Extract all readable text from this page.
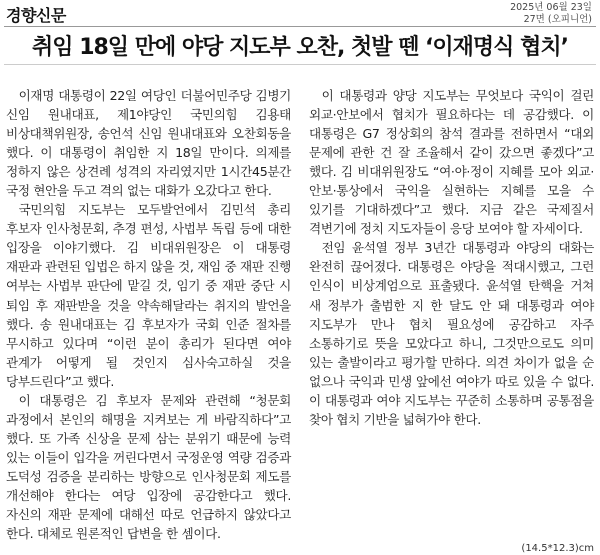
경향신문	2025년 06월 23일
27면 (오피니언)
취임 18일 만에 야당 지도부 오찬, 첫발 뗀 ‘이재명식 협치’

이재명 대통령이 22일 여당인 더불어민주당 김병기 신임 원내대표, 제1야당인 국민의힘 김용태 비상대책위원장, 송언석 신임 원내대표와 오찬회동을 했다. 이 대통령이 취임한 지 18일 만이다. 의제를 정하지 않은 상견례 성격의 자리였지만 1시간45분간 국정 현안을 두고 격의 없는 대화가 오갔다고 한다.

국민의힘 지도부는 모두발언에서 김민석 총리 후보자 인사청문회, 추경 편성, 사법부 독립 등에 대한 입장을 이야기했다. 김 비대위원장은 이 대통령 재판과 관련된 입법은 하지 않을 것, 재임 중 재판 진행 여부는 사법부 판단에 맡길 것, 임기 중 재판 중단 시 퇴임 후 재판받을 것을 약속해달라는 취지의 발언을 했다. 송 원내대표는 김 후보자가 국회 인준 절차를 무시하고 있다며 “이런 분이 총리가 된다면 여야 관계가 어떻게 될 것인지 심사숙고하실 것을 당부드린다”고 했다.

이 대통령은 김 후보자 문제와 관련해 “청문회 과정에서 본인의 해명을 지켜보는 게 바람직하다”고 했다. 또 가족 신상을 문제 삼는 분위기 때문에 능력 있는 이들이 입각을 꺼린다면서 국정운영 역량 검증과 도덕성 검증을 분리하는 방향으로 인사청문회 제도를 개선해야 한다는 여당 입장에 공감한다고 했다. 자신의 재판 문제에 대해선 따로 언급하지 않았다고 한다. 대체로 원론적인 답변을 한 셈이다.

이 대통령과 양당 지도부는 무엇보다 국익이 걸린 외교·안보에서 협치가 필요하다는 데 공감했다. 이 대통령은 G7 정상회의 참석 결과를 전하면서 “대외 문제에 관한 건 잘 조율해서 같이 갔으면 좋겠다”고 했다. 김 비대위원장도 “여·야·정이 지혜를 모아 외교·안보·통상에서 국익을 실현하는 지혜를 모을 수 있기를 기대하겠다”고 했다. 지금 같은 국제질서 격변기에 정치 지도자들이 응당 보여야 할 자세이다.

전임 윤석열 정부 3년간 대통령과 야당의 대화는 완전히 끊어졌다. 대통령은 야당을 적대시했고, 그런 인식이 비상계엄으로 표출됐다. 윤석열 탄핵을 거쳐 새 정부가 출범한 지 한 달도 안 돼 대통령과 여야 지도부가 만나 협치 필요성에 공감하고 자주 소통하기로 뜻을 모았다고 하니, 그것만으로도 의미 있는 출발이라고 평가할 만하다. 의견 차이가 없을 순 없으나 국익과 민생 앞에선 여야가 따로 있을 수 없다. 이 대통령과 여야 지도부는 꾸준히 소통하며 공통점을 찾아 협치 기반을 넓혀가야 한다.

(14.5*12.3)cm
